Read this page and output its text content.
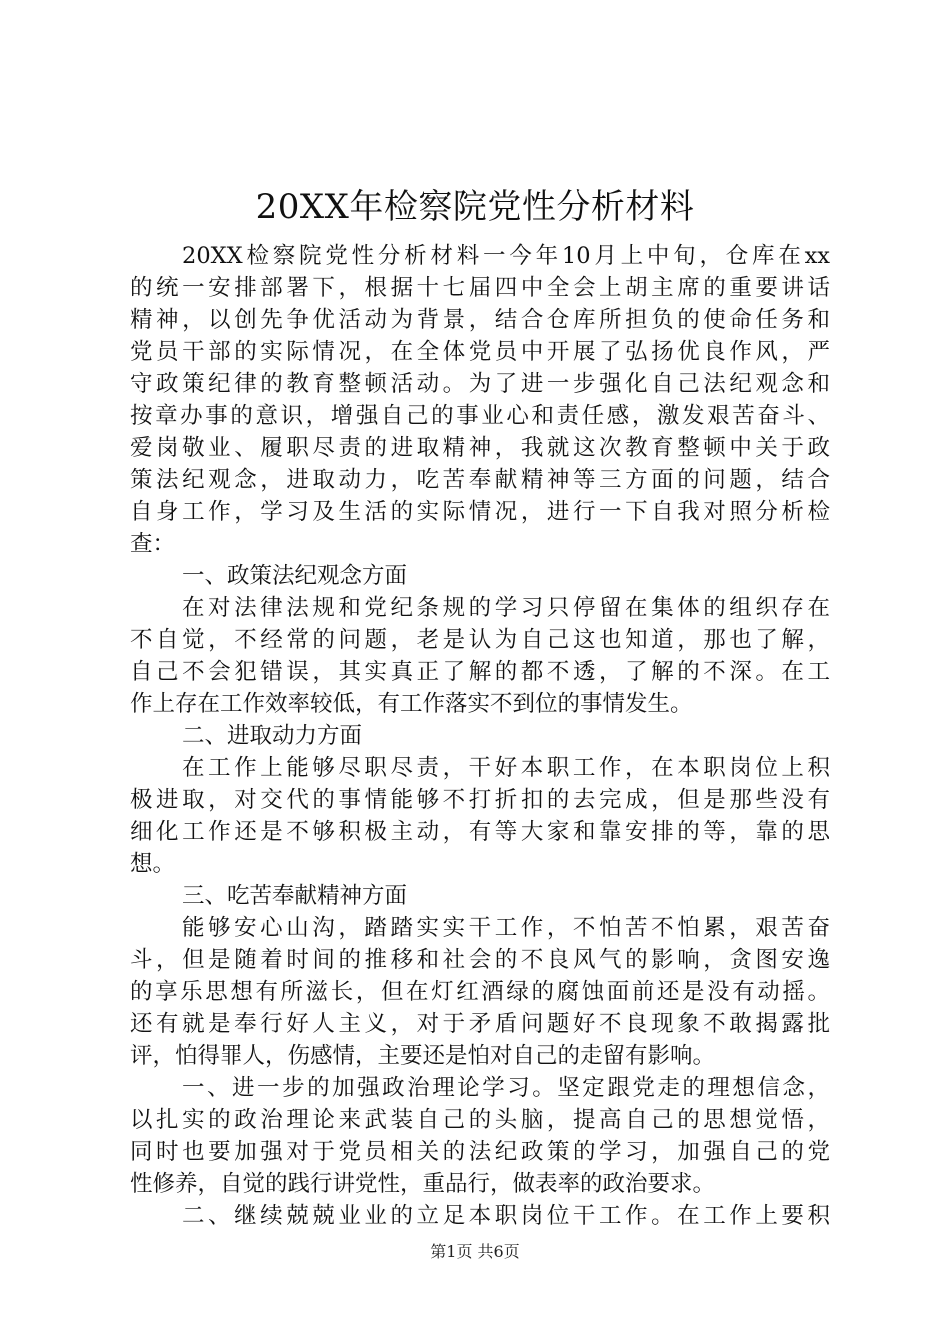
20XX年检察院党性分析材料
20XX检察院党性分析材料一今年10月上中旬，仓库在xx
的统一安排部署下，根据十七届四中全会上胡主席的重要讲话
精神，以创先争优活动为背景，结合仓库所担负的使命任务和
党员干部的实际情况，在全体党员中开展了弘扬优良作风，严
守政策纪律的教育整顿活动。为了进一步强化自己法纪观念和
按章办事的意识，增强自己的事业心和责任感，激发艰苦奋斗、
爱岗敬业、履职尽责的进取精神，我就这次教育整顿中关于政
策法纪观念，进取动力，吃苦奉献精神等三方面的问题，结合
自身工作，学习及生活的实际情况，进行一下自我对照分析检
查：
一、政策法纪观念方面
在对法律法规和党纪条规的学习只停留在集体的组织存在
不自觉，不经常的问题，老是认为自己这也知道，那也了解，
自己不会犯错误，其实真正了解的都不透，了解的不深。在工
作上存在工作效率较低，有工作落实不到位的事情发生。
二、进取动力方面
在工作上能够尽职尽责，干好本职工作，在本职岗位上积
极进取，对交代的事情能够不打折扣的去完成，但是那些没有
细化工作还是不够积极主动，有等大家和靠安排的等，靠的思
想。
三、吃苦奉献精神方面
能够安心山沟，踏踏实实干工作，不怕苦不怕累，艰苦奋
斗，但是随着时间的推移和社会的不良风气的影响，贪图安逸
的享乐思想有所滋长，但在灯红酒绿的腐蚀面前还是没有动摇。
还有就是奉行好人主义，对于矛盾问题好不良现象不敢揭露批
评，怕得罪人，伤感情，主要还是怕对自己的走留有影响。
一、进一步的加强政治理论学习。坚定跟党走的理想信念，
以扎实的政治理论来武装自己的头脑，提高自己的思想觉悟，
同时也要加强对于党员相关的法纪政策的学习，加强自己的党
性修养，自觉的践行讲党性，重品行，做表率的政治要求。
二、继续兢兢业业的立足本职岗位干工作。在工作上要积
第1页 共6页
